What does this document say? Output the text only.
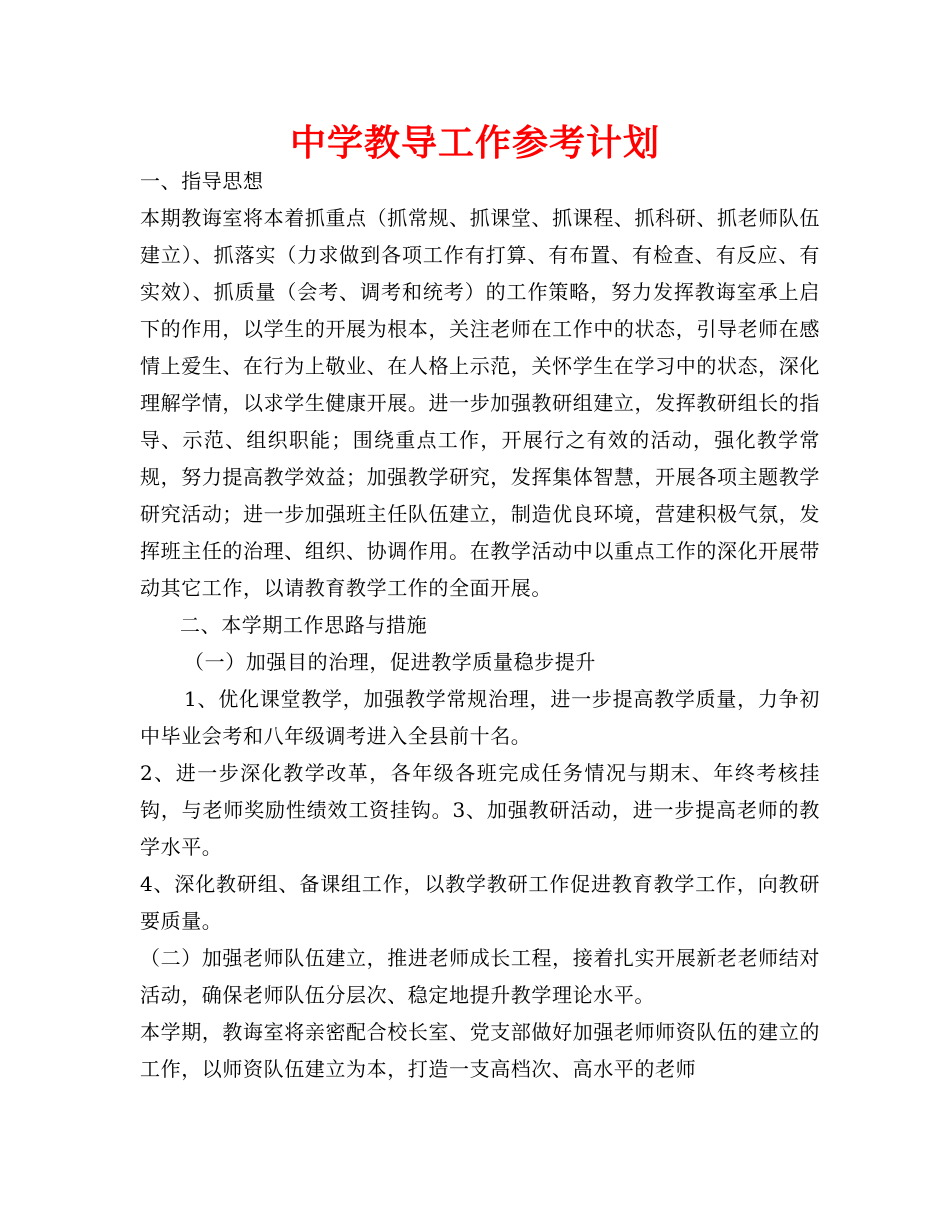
中学教导工作参考计划

一、指导思想

本期教诲室将本着抓重点（抓常规、抓课堂、抓课程、抓科研、抓老师队伍建立）、抓落实（力求做到各项工作有打算、有布置、有检查、有反应、有实效）、抓质量（会考、调考和统考）的工作策略，努力发挥教诲室承上启下的作用，以学生的开展为根本，关注老师在工作中的状态，引导老师在感情上爱生、在行为上敬业、在人格上示范，关怀学生在学习中的状态，深化理解学情，以求学生健康开展。进一步加强教研组建立，发挥教研组长的指导、示范、组织职能；围绕重点工作，开展行之有效的活动，强化教学常规，努力提高教学效益；加强教学研究，发挥集体智慧，开展各项主题教学研究活动；进一步加强班主任队伍建立，制造优良环境，营建积极气氛，发挥班主任的治理、组织、协调作用。在教学活动中以重点工作的深化开展带动其它工作，以请教育教学工作的全面开展。

二、本学期工作思路与措施

（一）加强目的治理，促进教学质量稳步提升

1、优化课堂教学，加强教学常规治理，进一步提高教学质量，力争初中毕业会考和八年级调考进入全县前十名。

2、进一步深化教学改革，各年级各班完成任务情况与期末、年终考核挂钩，与老师奖励性绩效工资挂钩。3、加强教研活动，进一步提高老师的教学水平。

4、深化教研组、备课组工作，以教学教研工作促进教育教学工作，向教研要质量。

（二）加强老师队伍建立，推进老师成长工程，接着扎实开展新老老师结对活动，确保老师队伍分层次、稳定地提升教学理论水平。

本学期，教诲室将亲密配合校长室、党支部做好加强老师师资队伍的建立的工作，以师资队伍建立为本，打造一支高档次、高水平的老师
